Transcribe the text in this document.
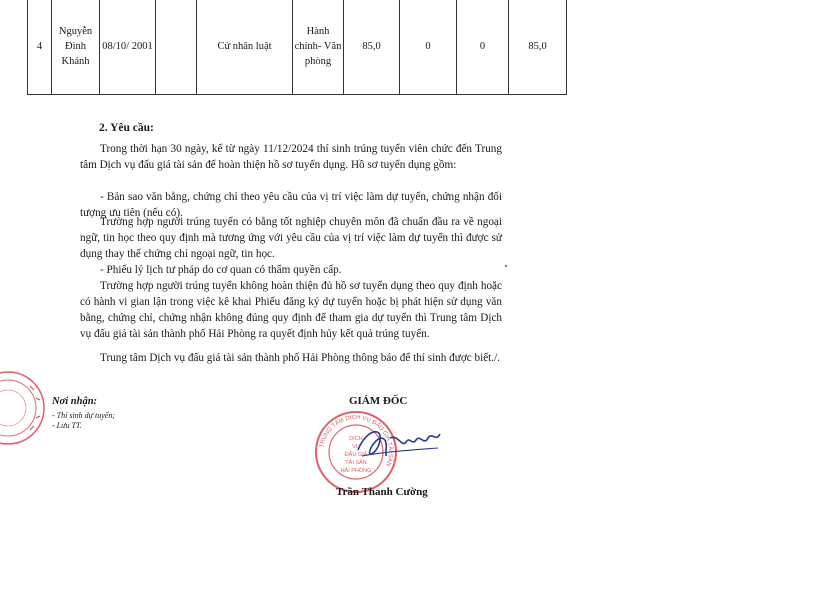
4	Nguyễn Đình Khánh	08/10/ 2001		Cử nhân luật	Hành chính- Văn phòng	85,0	0	0	85,0
2. Yêu cầu:

Trong thời hạn 30 ngày, kể từ ngày 11/12/2024 thí sinh trúng tuyển viên chức đến Trung tâm Dịch vụ đấu giá tài sản để hoàn thiện hồ sơ tuyển dụng. Hồ sơ tuyển dụng gồm:

- Bản sao văn bằng, chứng chỉ theo yêu cầu của vị trí việc làm dự tuyển, chứng nhận đối tượng ưu tiên (nếu có).

Trường hợp người trúng tuyển có bằng tốt nghiệp chuyên môn đã chuẩn đầu ra về ngoại ngữ, tin học theo quy định mà tương ứng với yêu cầu của vị trí việc làm dự tuyển thì được sử dụng thay thế chứng chỉ ngoại ngữ, tin học.

- Phiếu lý lịch tư pháp do cơ quan có thẩm quyền cấp.

Trường hợp người trúng tuyển không hoàn thiện đủ hồ sơ tuyển dụng theo quy định hoặc có hành vi gian lận trong việc kê khai Phiếu đăng ký dự tuyển hoặc bị phát hiện sử dụng văn bằng, chứng chỉ, chứng nhận không đúng quy định để tham gia dự tuyển thì Trung tâm Dịch vụ đấu giá tài sản thành phố Hải Phòng ra quyết định hủy kết quả trúng tuyển.

Trung tâm Dịch vụ đấu giá tài sản thành phố Hải Phòng thông báo để thí sinh được biết./.

Nơi nhận:
- Thí sinh dự tuyển;
- Lưu TT.
GIÁM ĐỐC
TRUNG TÂM DỊCH VỤ ĐẤU GIÁ TÀI SẢN
DỊCH
VỤ
ĐẤU GIÁ
TÀI SẢN
HẢI PHÒNG
Trần Thanh Cường
